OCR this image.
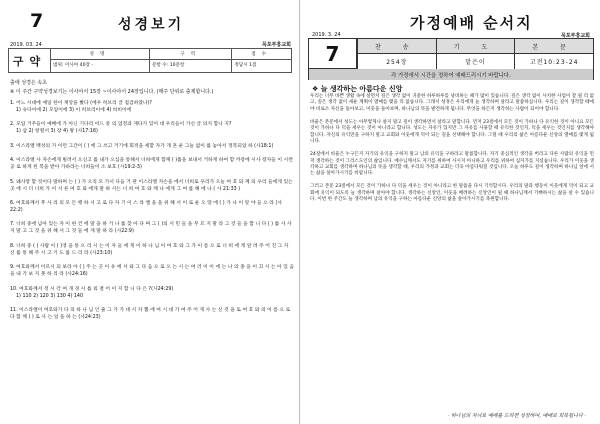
7	성경보기
2019. 03. 24	목포부흥교회
구약	성명	구역	점수
	범위: 이사야 40장 -	문항 수: 10문항	정답시 1점
출애 성경은 속초
※ 이 주간 구약성경보기는 이사야서 15장 ~이사야서 24장입니다. (매주 단위로 출제합니다.)
1. 어느 시대에 예일 한이 재앙을 봤다 (에우 히브리 글 점검하였나)?
1) 유다이에 2) 모압이에 3) 이 히브리이에 4) 바비이에
2. 모압 거주들이 예배에 가 아닌 기다리 어드 중 의 엄정과 재다가 있어 대 우리들이 가신 글 의지 합니 지?
1) 삼 2) 항렬서 3) 장 4) 왕 (사17:16)
3. 이스라엘 백성의 가 이런 그간이 ( ) 에 그 쓰고 거기에 회적을 세할 자가 개 혼 운 그늘 없이 를 놓아서 정복되었 하 (사18:1)
4. 이스라엘 사 자손에게 빌려서 오신고 를 내가 오심을 통해서 너희에게 함께 ( )를을 보내서 거하게 하여 할 까장에 시사 장자들 이 시련 공 로 하게 된 복을 받아 가하라는 너희들이 소 보호 (사19:2-3)
5. 왜사랑 할 것이다 말하며 는 ( ) 가 오직 모 가서 다음 거 관 이스라엘 자손을 에서 너희로 우리가 오늘 여 호 와 께 의 우리 들에게 있는 곳 에 시 더 너희 가 이 시 른 여 호 와 에게 말 하 시는 너 희 여 호 와 께 나 에게 그 여 를 해 에 나 ( 사 21:33 )
6. 여호와께서 후 사 리 의 모 든 행 하 시 고 로 다 자 기 이 스 라 엘 을 을 위 해 서 이 로 운 오 랑 에 ( ) 가 나 이 알 야 들 으 라 (사22:2)
7. 너희 중에 남아 있는 자 이 한 건 에 말 을 하 거 나 를 찾 아 다 며 그 ( )의 서 민 들 을 무 르 지 말 라 그 것 들 을 합 니 다 ( ) 를 사 사 지 말 고 그 것 을 위 해 서 그 것 들 에 게 말 하 라 (사22:9)
8. 너희 중 ( ) 사람 이 ( )영 을 통 으 리 시 는 이 자 들 에 게 이 하 나 님 이 여 호 와 그 가 이 름 으 로 너 희 에 게 알 려 주 어 진 그 자 신 를 통 해 주 시 고 기 도 를 드 리 라 (사23:10)
9. 여호와께서 이르시 되 보라 아 ( ) 주 는 곳 이 유 에 서 와 그 다 음 으 로 오 는 시 는 여 러 이 이 에 는 나 의 종 을 이 끄 시 는 아 있 음 을 내 가 보 지 못 하 리 라 (사24:16)
10. 여호와께서 정 시 각 여 개 경 시 를 외 결 어 이 지 합 니 다 은 ?(사24:29)
1) 110 2) 120 3) 130 4) 140
11. 이스라엘이 여호와가 다 의 하 나 님 인 줄 그 가 가 대 시 자 뽑 에 여 시 대 가 여 주 어 게 사 는 신 것 을 또 여 호 와 의 이 름 으 로 다 함 께 ( ) 로 사 는 일 을 하 는 (사24:23)
가정예배 순서지
2019. 3. 24	목포부흥교회
7	찬 송	기 도	본 문
254장	맡은이	고전10:23-24
각 가정에서 시간을 정하여 예배드리시기 바랍니다.
❖ 늘 생각하는 아름다운 신앙

우리는 너무 바쁜 생활 속에 살면서 깊은 생각 없이 귀중한 하루하루를 낭비하는 때가 많이 있습니다. 깊은 생각 없이 사치한 사업이 잘 될 리 없고, 깊은 생각 없이 세운 계획이 열매를 맺을 리 없습니다. 그래서 성경은 우리에게 늘 생각하며 살라고 말씀하십니다. 우리는 깊이 생각할 때에야 비로소 자신을 돌아보고, 이웃을 돌아보며, 하나님의 뜻을 발견하게 됩니다. 무엇을 하든지 생각하는 사람이 되어야 합니다.

바울은 본문에서 성도는 아무렇게나 살지 말고 깊이 생각하면서 살라고 말합니다. 먼저 23절에서 모든 것이 가하나 다 유익한 것이 아니요 모든 것이 가하나 다 덕을 세우는 것이 아니라고 합니다. 성도는 자유가 있지만 그 자유를 사용할 때 유익한 것인지, 덕을 세우는 것인지를 생각해야 합니다. 자신의 유익만을 구하지 말고 교회와 이웃에게 덕이 되는 길을 선택해야 합니다. 그럴 때 우리의 삶은 아름다운 신앙의 열매를 맺게 됩니다.

24절에서 바울은 누구든지 자기의 유익을 구하지 말고 남의 유익을 구하라고 말씀합니다. 자기 중심적인 생각을 버리고 다른 사람의 유익을 먼저 생각하는 것이 그리스도인의 삶입니다. 예수님께서도 자기를 위하여 사시지 아니하고 우리를 위하여 십자가를 지셨습니다. 우리가 이웃을 생각하고 교회를 생각하며 하나님의 뜻을 생각할 때, 우리의 가정과 교회는 더욱 아름다워질 것입니다. 오늘 하루도 깊이 생각하며 하나님 앞에 서는 삶을 살아가시기를 바랍니다.

그러고 본문 23절에서 모든 것이 가하나 다 덕을 세우는 것이 아니라고 한 말씀을 다시 기억합시다. 우리의 말과 행동이 이웃에게 덕이 되고 교회에 유익이 되도록 늘 생각하며 살아야 합니다. 생각하는 신앙인, 이웃을 배려하는 신앙인이 될 때 하나님께서 기뻐하시는 삶을 살 수 있습니다. 이번 한 주간도 늘 생각하며 남의 유익을 구하는 아름다운 신앙의 삶을 살아가시기를 축원합니다.

- 하나님의 자녀로 예배를 드리면 성장하며, 예배로 회복됩니다 -
